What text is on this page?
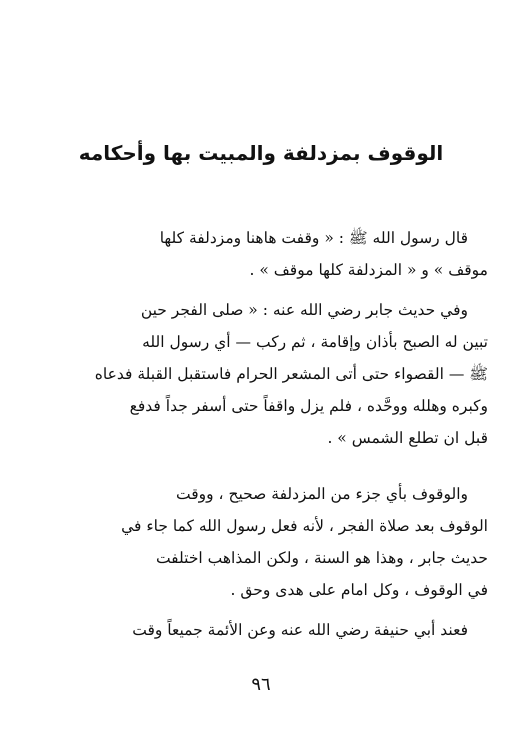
الوقوف بمزدلفة والمبيت بها وأحكامه
قال رسول الله ﷺ : « وقفت هاهنا ومزدلفة كلها
موقف » و « المزدلفة كلها موقف » .
وفي حديث جابر رضي الله عنه : « صلى الفجر حين
تبين له الصبح بأذان وإقامة ، ثم ركب — أي رسول الله
ﷺ — القصواء حتى أتى المشعر الحرام فاستقبل القبلة فدعاه
وكبره وهلله ووحَّده ، فلم يزل واقفاً حتى أسفر جداً فدفع
قبل ان تطلع الشمس » .
والوقوف بأي جزء من المزدلفة صحيح ، ووقت
الوقوف بعد صلاة الفجر ، لأنه فعل رسول الله كما جاء في
حديث جابر ، وهذا هو السنة ، ولكن المذاهب اختلفت
في الوقوف ، وكل امام على هدى وحق .
فعند أبي حنيفة رضي الله عنه وعن الأئمة جميعاً وقت
٩٦
